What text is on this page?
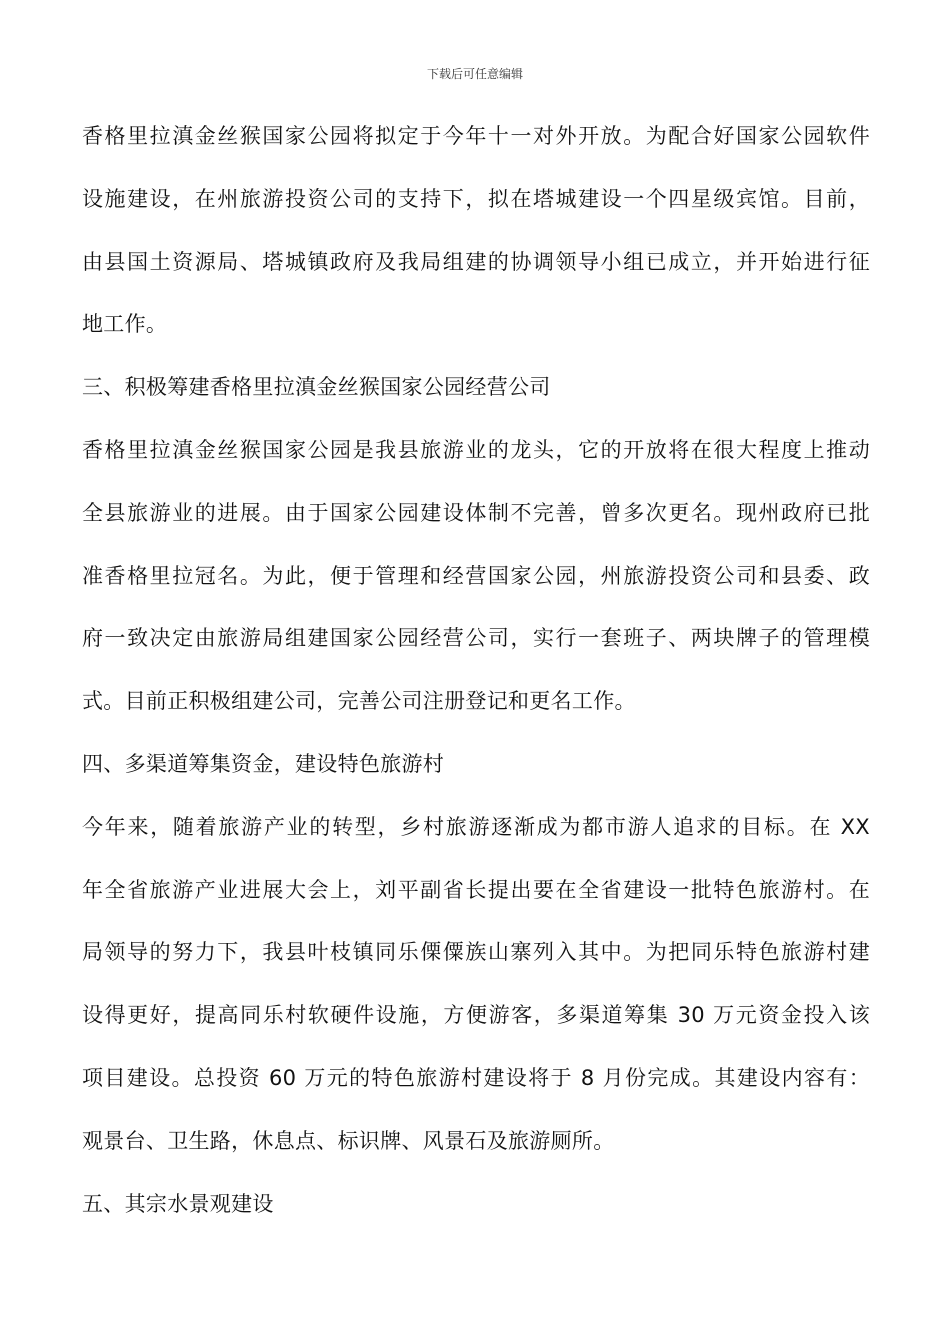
下载后可任意编辑
香格里拉滇金丝猴国家公园将拟定于今年十一对外开放。为配合好国家公园软件
设施建设，在州旅游投资公司的支持下，拟在塔城建设一个四星级宾馆。目前，
由县国土资源局、塔城镇政府及我局组建的协调领导小组已成立，并开始进行征
地工作。
三、积极筹建香格里拉滇金丝猴国家公园经营公司
香格里拉滇金丝猴国家公园是我县旅游业的龙头，它的开放将在很大程度上推动
全县旅游业的进展。由于国家公园建设体制不完善，曾多次更名。现州政府已批
准香格里拉冠名。为此，便于管理和经营国家公园，州旅游投资公司和县委、政
府一致决定由旅游局组建国家公园经营公司，实行一套班子、两块牌子的管理模
式。目前正积极组建公司，完善公司注册登记和更名工作。
四、多渠道筹集资金，建设特色旅游村
今年来，随着旅游产业的转型，乡村旅游逐渐成为都市游人追求的目标。在 XX
年全省旅游产业进展大会上，刘平副省长提出要在全省建设一批特色旅游村。在
局领导的努力下，我县叶枝镇同乐傈僳族山寨列入其中。为把同乐特色旅游村建
设得更好，提高同乐村软硬件设施，方便游客，多渠道筹集 30 万元资金投入该
项目建设。总投资 60 万元的特色旅游村建设将于 8 月份完成。其建设内容有：
观景台、卫生路，休息点、标识牌、风景石及旅游厕所。
五、其宗水景观建设
